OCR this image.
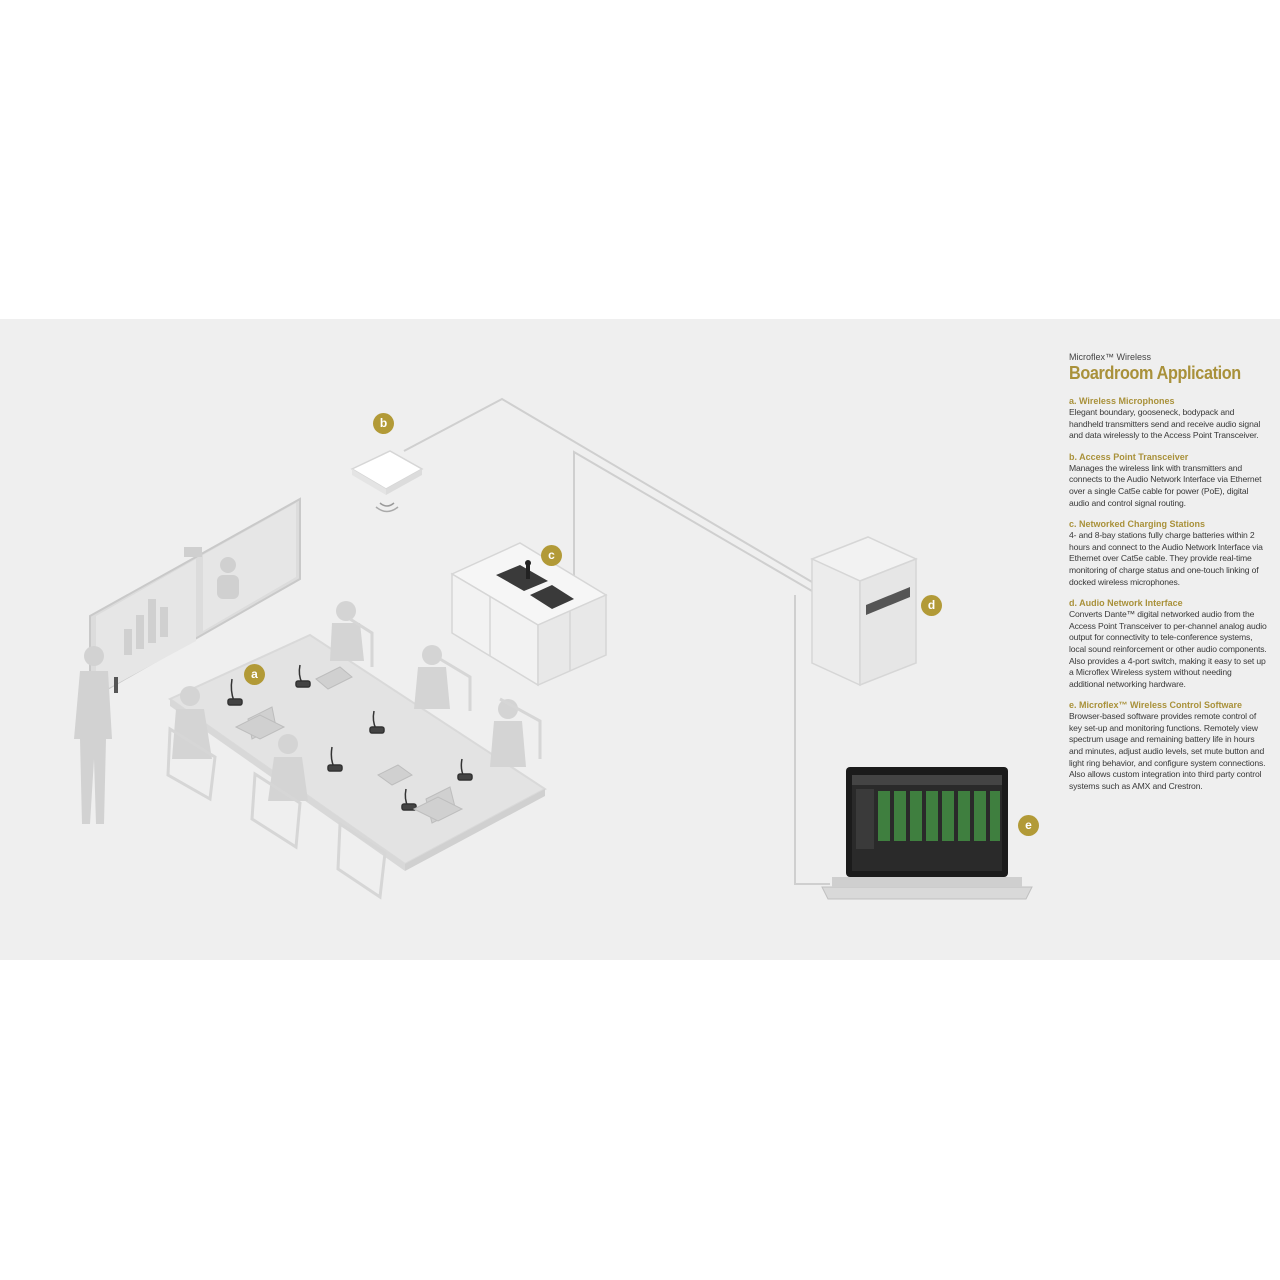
a
b
c
d
e

Microflex™ Wireless

Boardroom Application

a. Wireless Microphones

Elegant boundary, gooseneck, bodypack and handheld transmitters send and receive audio signal and data wirelessly to the Access Point Transceiver.

b. Access Point Transceiver

Manages the wireless link with transmitters and connects to the Audio Network Interface via Ethernet over a single Cat5e cable for power (PoE), digital audio and control signal routing.

c. Networked Charging Stations

4- and 8-bay stations fully charge batteries within 2 hours and connect to the Audio Network Interface via Ethernet over Cat5e cable. They provide real-time monitoring of charge status and one-touch linking of docked wireless microphones.

d. Audio Network Interface

Converts Dante™ digital networked audio from the Access Point Transceiver to per-channel analog audio output for connectivity to tele-conference systems, local sound reinforcement or other audio components. Also provides a 4-port switch, making it easy to set up a Microflex Wireless system without needing additional networking hardware.

e. Microflex™ Wireless Control Software

Browser-based software provides remote control of key set-up and monitoring functions. Remotely view spectrum usage and remaining battery life in hours and minutes, adjust audio levels, set mute button and light ring behavior, and configure system connections. Also allows custom integration into third party control systems such as AMX and Crestron.
